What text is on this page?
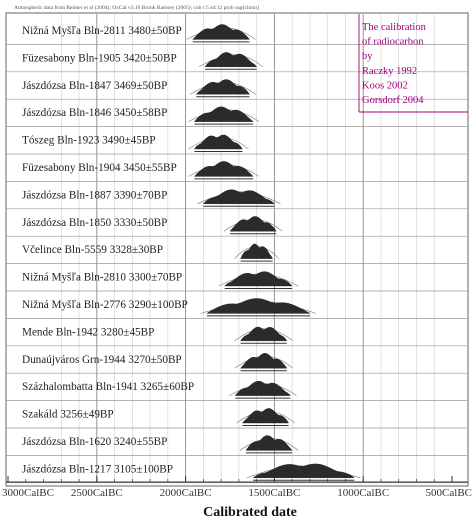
Atmospheric data from Reimer et al (2004); OxCal v3.10 Bronk Ramsey (2005); cub r:5 sd:12 prob usp[chron]
Nižná Myšľa Bln-2811 3480±50BP
Füzesabony Bln-1905 3420±50BP
Jászdózsa Bln-1847 3469±50BP
Jászdózsa Bln-1846 3450±58BP
Tószeg Bln-1923 3490±45BP
Füzesabony Bln-1904 3450±55BP
Jászdózsa Bln-1887 3390±70BP
Jászdózsa Bln-1850 3330±50BP
Včelince Bln-5559 3328±30BP
Nižná Myšľa Bln-2810 3300±70BP
Nižná Myšľa Bln-2776 3290±100BP
Mende Bln-1942 3280±45BP
Dunaújváros Grn-1944 3270±50BP
Százhalombatta Bln-1941 3265±60BP
Szakáld 3256±49BP
Jászdózsa Bln-1620 3240±55BP
Jászdózsa Bln-1217 3105±100BP
3000CalBC 2500CalBC	2000CalBC	1500CalBC	1000CalBC	500CalBC
Calibrated date
The calibration
of radiocarbon
by
Raczky 1992
Koos 2002
Gorsdorf 2004
